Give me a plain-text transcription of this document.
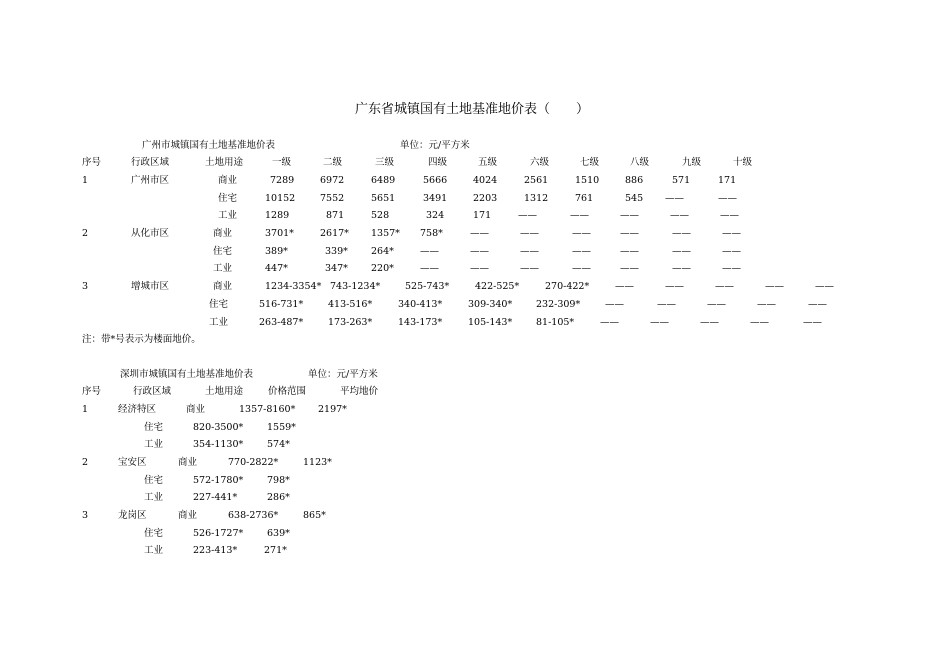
广东省城镇国有土地基准地价表（　　）
广州市城镇国有土地基准地价表	单位：元/平方米
序号	行政区域	土地用途	一级	二级	三级	四级	五级	六级	七级	八级	九级	十级
1	广州市区	商业	7289	6972	6489	5666	4024	2561	1510	886	571	171
住宅	10152	7552	5651	3491	2203	1312	761	545 ——	——
工业	1289	871	528	324	171	——	——	——	——	——
2	从化市区	商业	3701*	2617* 1357* 758*	——	——	——	——	——	——
住宅	389*	339* 264*	——	——	——	——	——	——	——
工业	447*	347* 220*	——	——	——	——	——	——	——
3	增城市区	商业	1234-3354* 743-1234*	525-743*	422-525*	270-422*	——	——	——	——	——
住宅	516-731*	413-516*	340-413*	309-340*	232-309*	——	——	——	——	——
工业	263-487*	173-263*	143-173*	105-143*	81-105*	——	——	——	——	——
注：带*号表示为楼面地价。
深圳市城镇国有土地基准地价表	单位：元/平方米
序号	行政区域	土地用途	价格范围	平均地价
1	经济特区	商业	1357-8160* 2197*
住宅	820-3500* 1559*
工业	354-1130* 574*
2	宝安区	商业	770-2822*	1123*
住宅	572-1780* 798*
工业	227-441*	286*
3	龙岗区	商业	638-2736*	865*
住宅	526-1727* 639*
工业	223-413*	271*
